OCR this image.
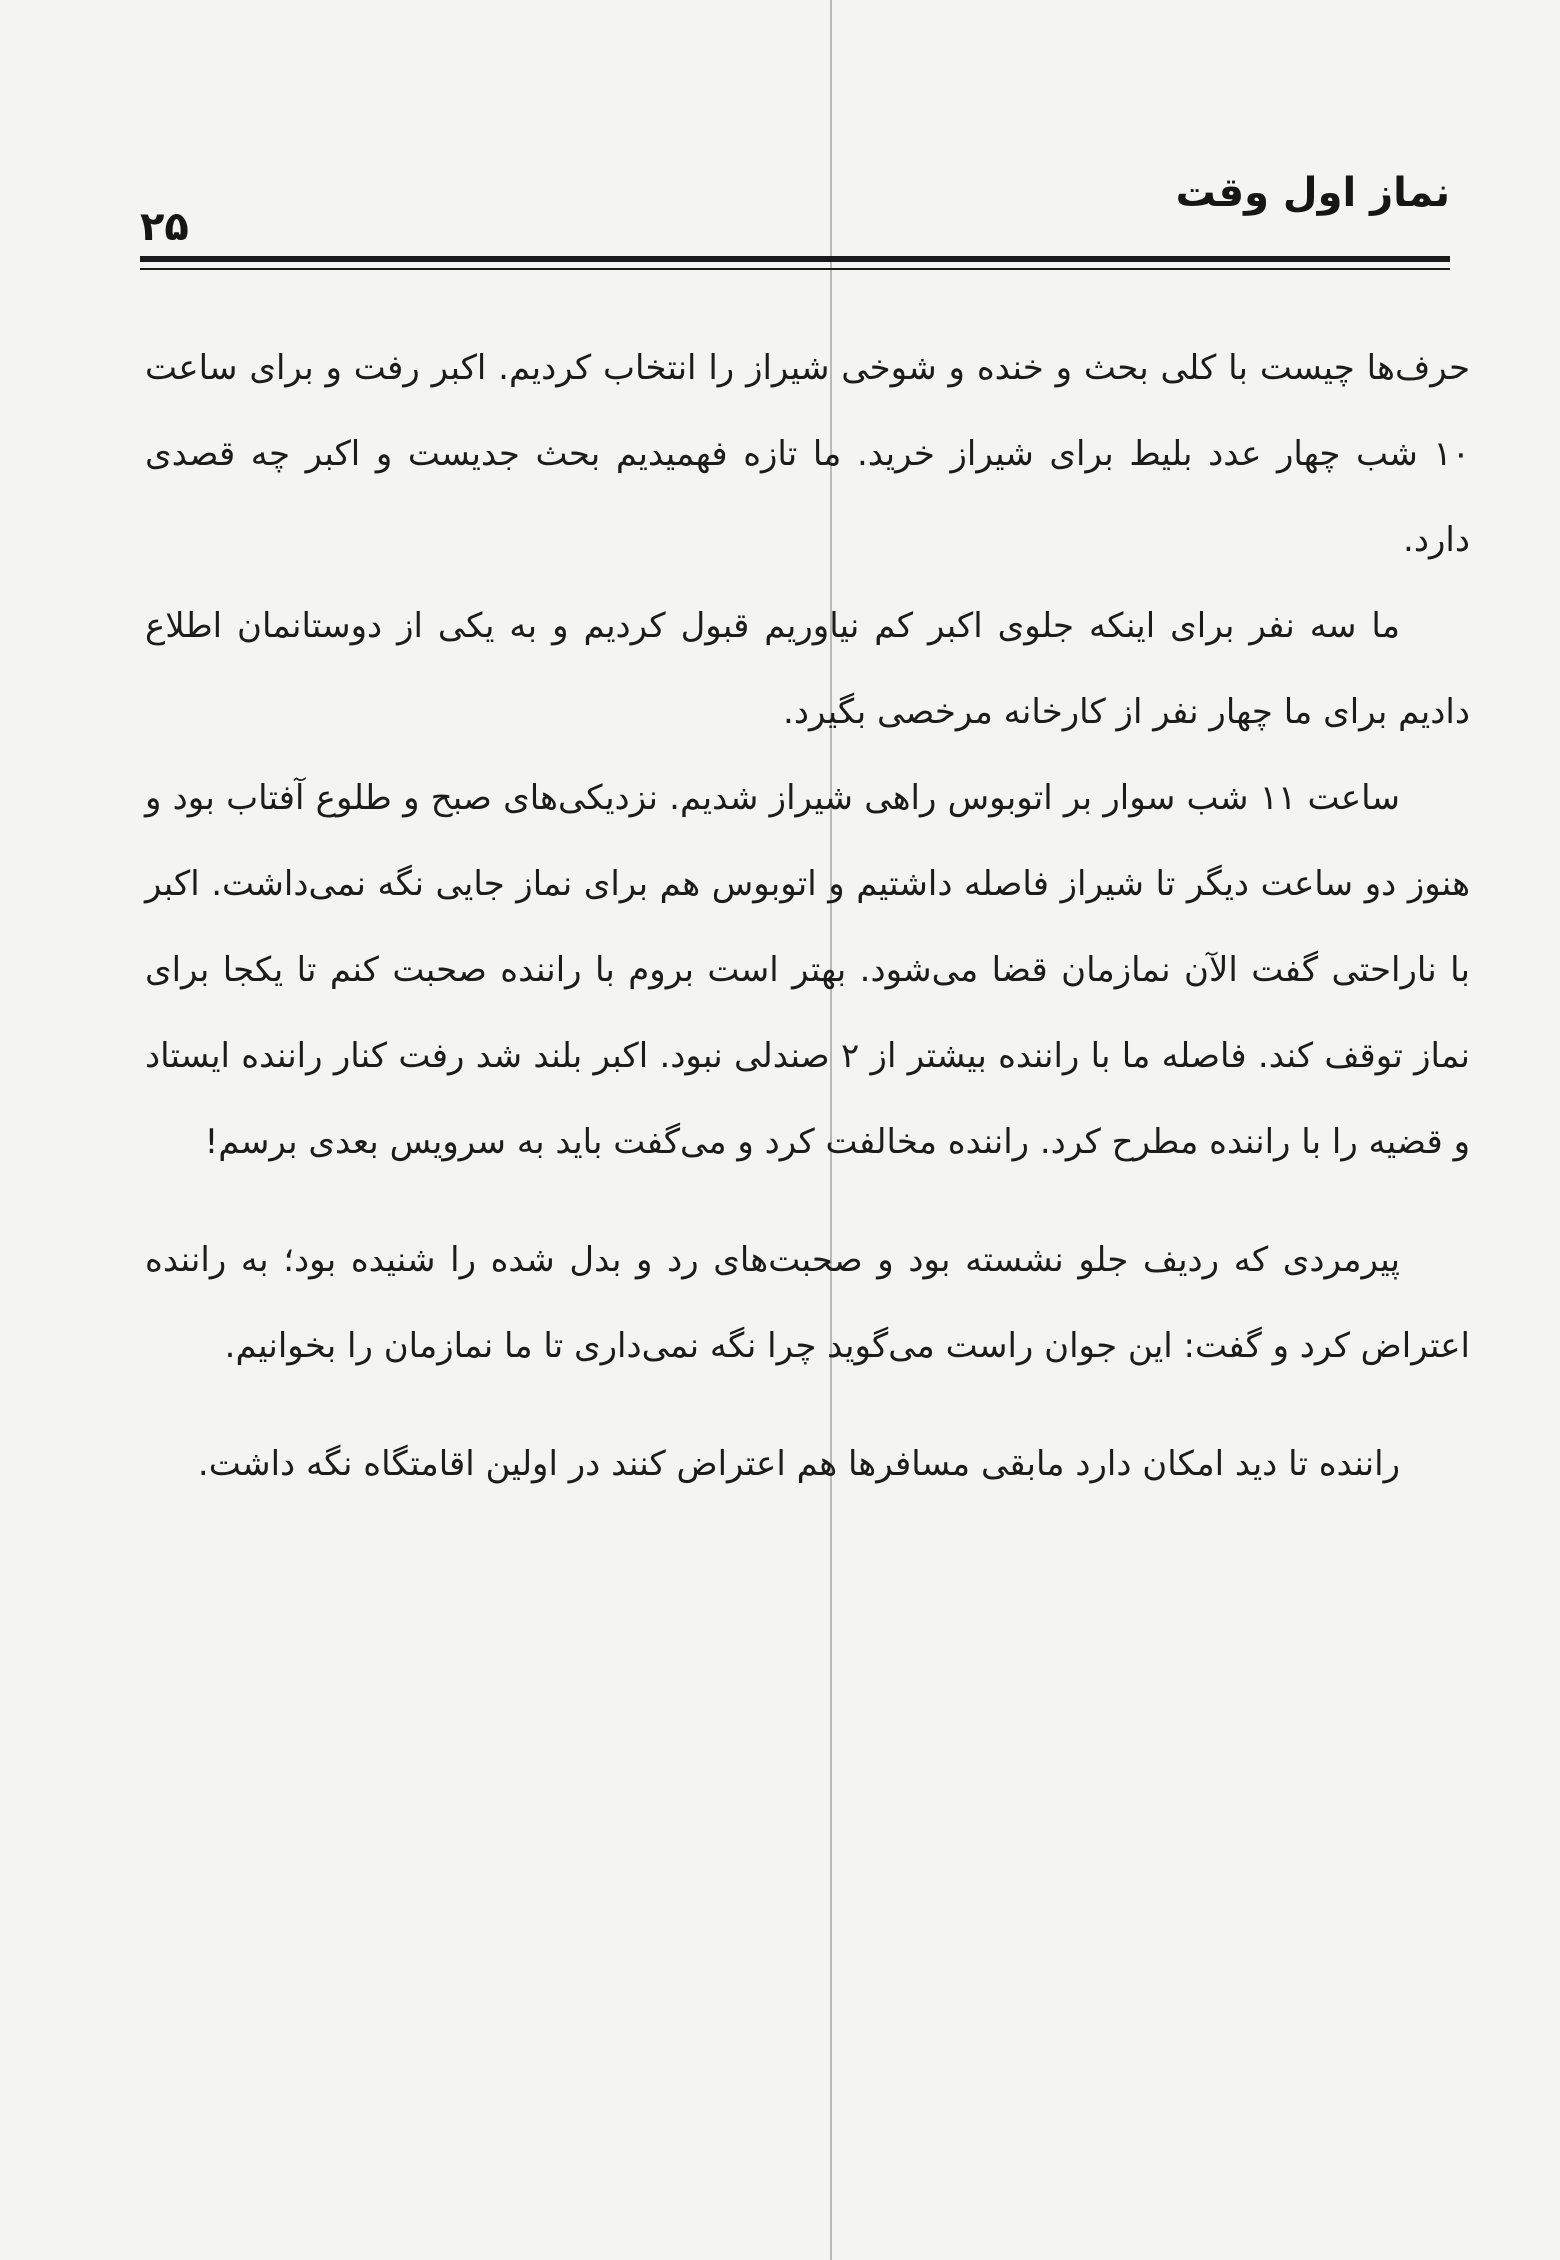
نماز اول وقت
۲۵

حرف‌ها چیست با کلی بحث و خنده و شوخی شیراز را انتخاب کردیم. اکبر رفت و برای ساعت ۱۰ شب چهار عدد بلیط برای شیراز خرید. ما تازه فهمیدیم بحث جدیست و اکبر چه قصدی دارد.

ما سه نفر برای اینکه جلوی اکبر کم نیاوریم قبول کردیم و به یکی از دوستانمان اطلاع دادیم برای ما چهار نفر از کارخانه مرخصی بگیرد.

ساعت ۱۱ شب سوار بر اتوبوس راهی شیراز شدیم. نزدیکی‌های صبح و طلوع آفتاب بود و هنوز دو ساعت دیگر تا شیراز فاصله داشتیم و اتوبوس هم برای نماز جایی نگه نمی‌داشت. اکبر با ناراحتی گفت الآن نمازمان قضا می‌شود. بهتر است بروم با راننده صحبت کنم تا یکجا برای نماز توقف کند. فاصله ما با راننده بیشتر از ۲ صندلی نبود. اکبر بلند شد رفت کنار راننده ایستاد و قضیه را با راننده مطرح کرد. راننده مخالفت کرد و می‌گفت باید به سرویس بعدی برسم!

پیرمردی که ردیف جلو نشسته بود و صحبت‌های رد و بدل شده را شنیده بود؛ به راننده اعتراض کرد و گفت: این جوان راست می‌گوید چرا نگه نمی‌داری تا ما نمازمان را بخوانیم.

راننده تا دید امکان دارد مابقی مسافرها هم اعتراض کنند در اولین اقامتگاه نگه داشت.
